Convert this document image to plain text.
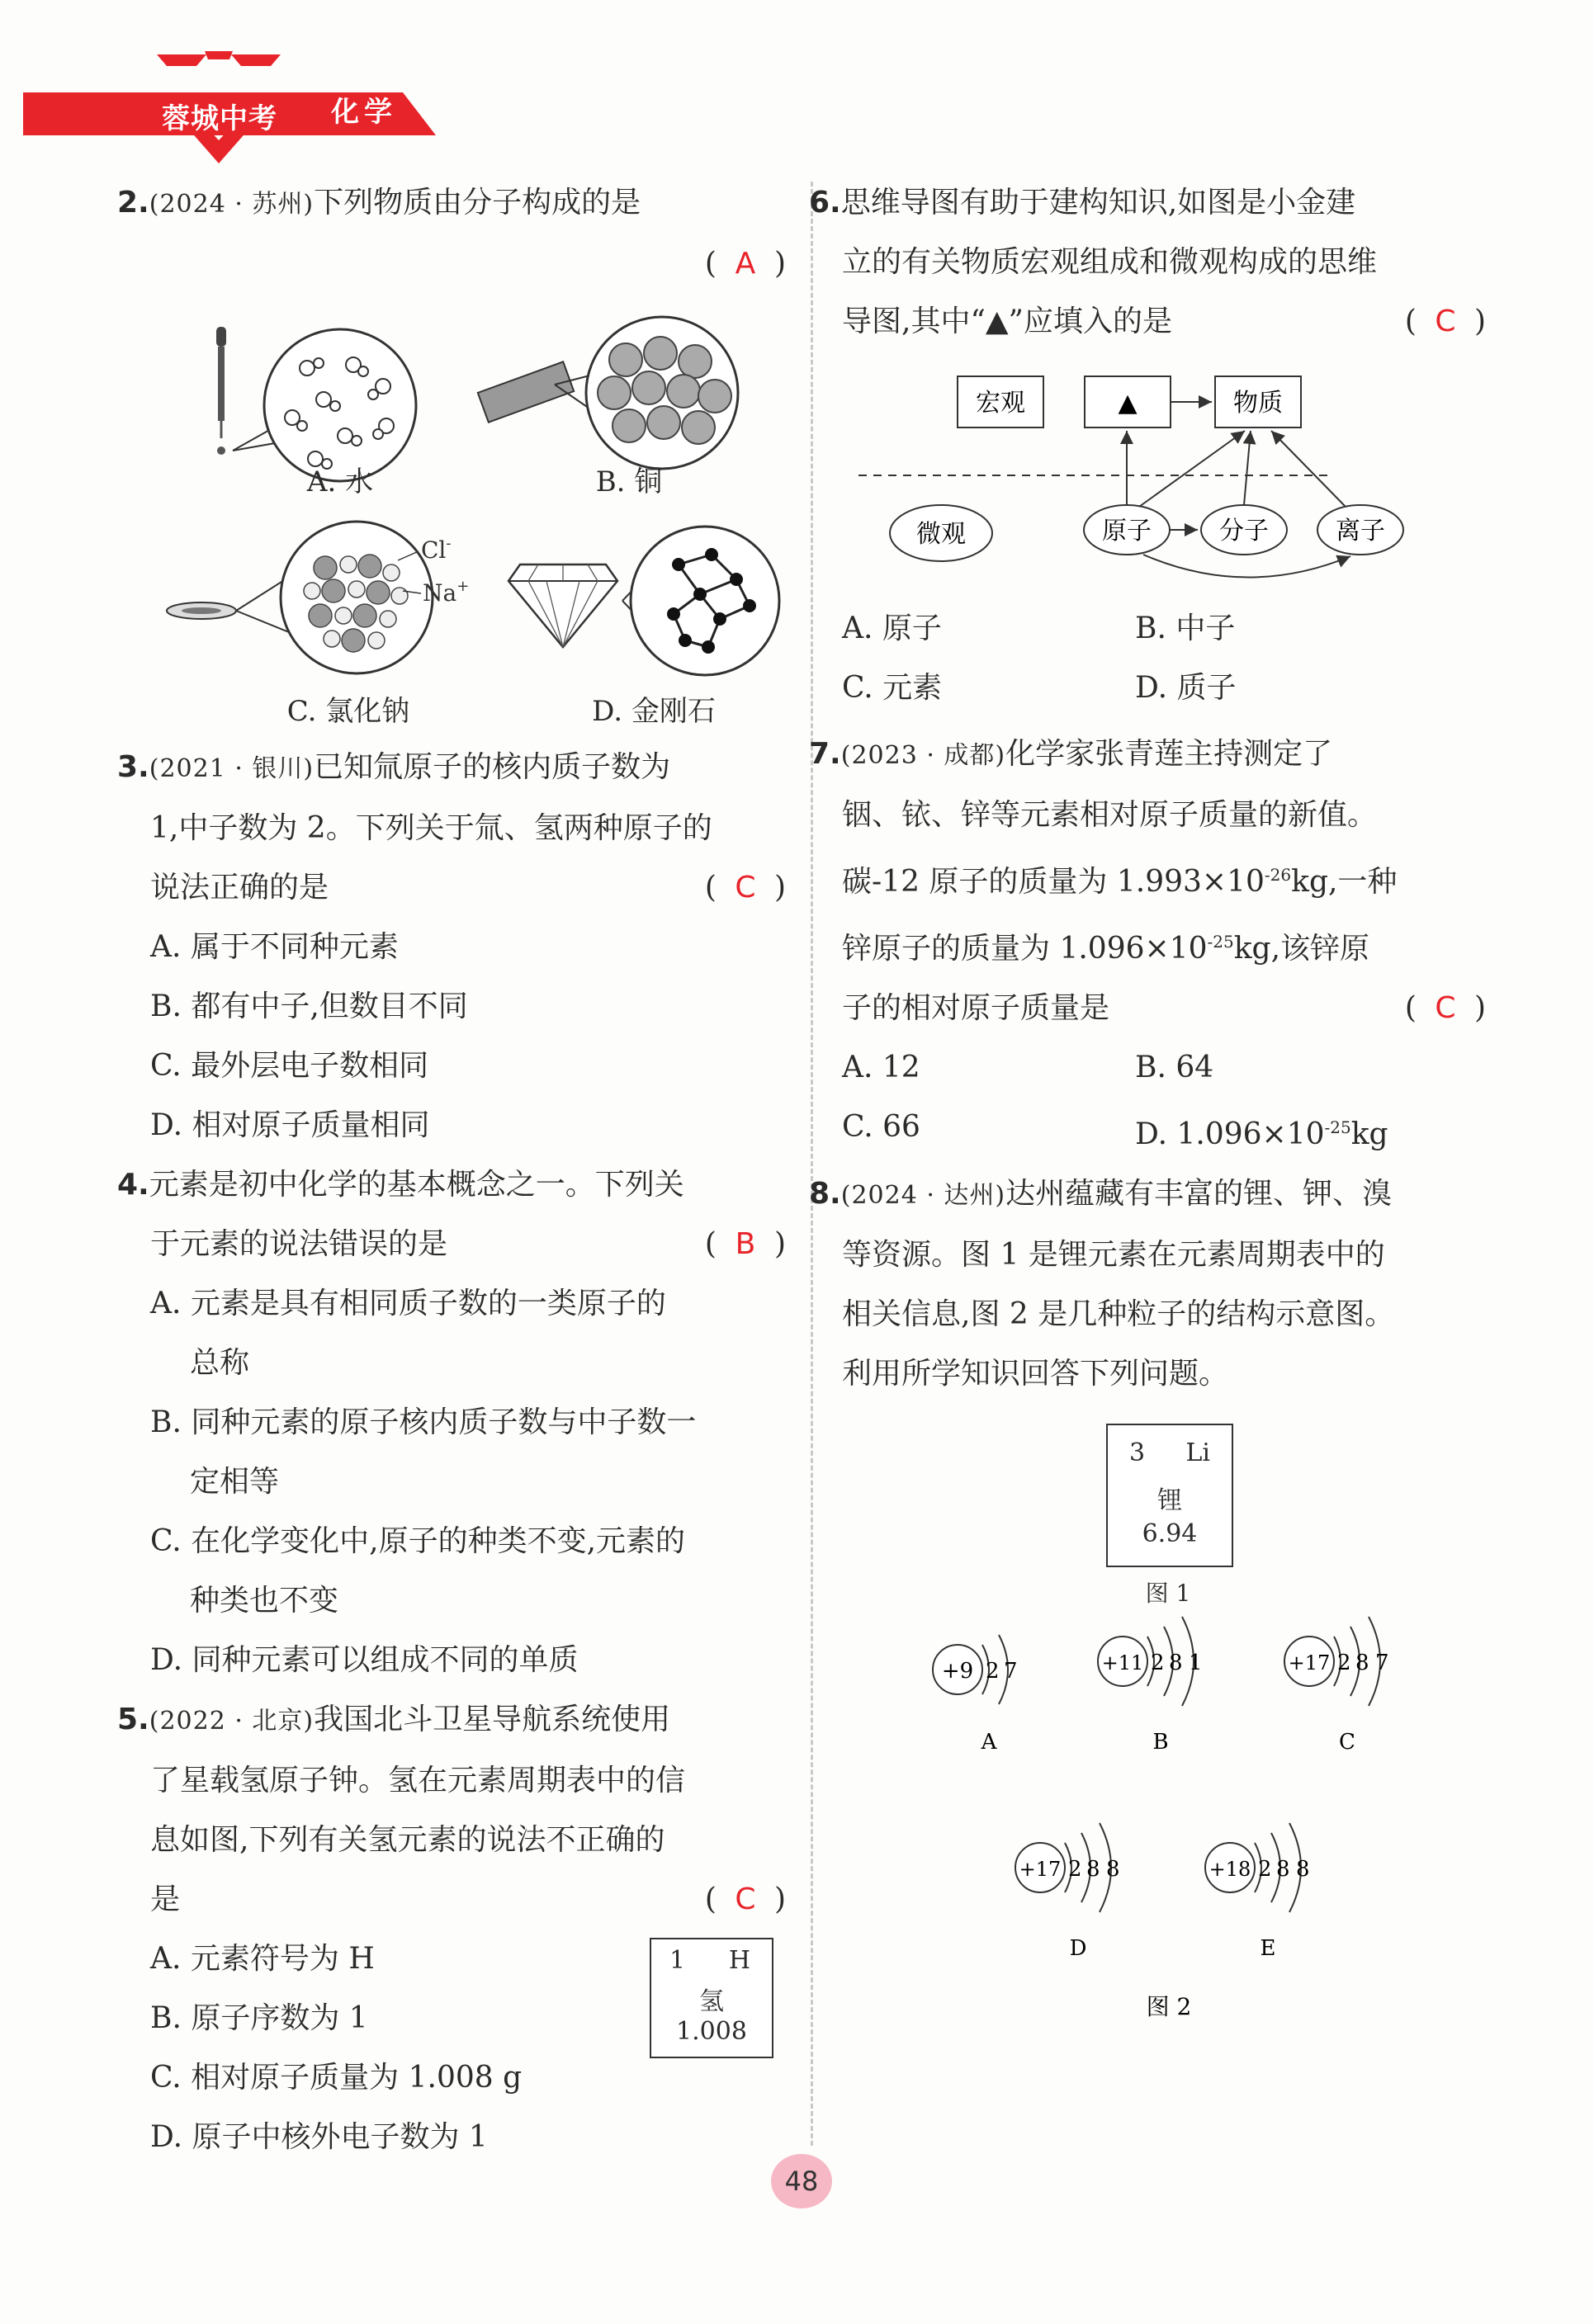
蓉城中考	化学
2.(2024 · 苏州)下列物质由分子构成的是
( A )
A. 水	B. 铜
Cl-
Na+
C. 氯化钠	D. 金刚石
3.(2021 · 银川)已知氚原子的核内质子数为
1,中子数为 2。下列关于氚、氢两种原子的
说法正确的是	( C )
A. 属于不同种元素
B. 都有中子,但数目不同
C. 最外层电子数相同
D. 相对原子质量相同
4.元素是初中化学的基本概念之一。下列关
于元素的说法错误的是	( B )
A. 元素是具有相同质子数的一类原子的
总称
B. 同种元素的原子核内质子数与中子数一
定相等
C. 在化学变化中,原子的种类不变,元素的
种类也不变
D. 同种元素可以组成不同的单质
5.(2022 · 北京)我国北斗卫星导航系统使用
了星载氢原子钟。氢在元素周期表中的信
息如图,下列有关氢元素的说法不正确的
是	( C )
A. 元素符号为 H
B. 原子序数为 1
C. 相对原子质量为 1.008 g
D. 原子中核外电子数为 1
1 H
氢
1.008
6.思维导图有助于建构知识,如图是小金建
立的有关物质宏观组成和微观构成的思维
导图,其中“▲”应填入的是	( C )
宏观	▲	物质
微观	原子	分子	离子
A. 原子	B. 中子
C. 元素	D. 质子
7.(2023 · 成都)化学家张青莲主持测定了
铟、铱、锌等元素相对原子质量的新值。
碳-12 原子的质量为 $1.993\times 10^{-26}kg$,一种
锌原子的质量为 $1.096\times 10^{-25}kg$,该锌原
子的相对原子质量是	( C )
A. 12	B. 64
C. 66	D. $1.096\times 10^{-25}kg$
8.(2024 · 达州)达州蕴藏有丰富的锂、钾、溴
等资源。图 1 是锂元素在元素周期表中的
相关信息,图 2 是几种粒子的结构示意图。
利用所学知识回答下列问题。
3 Li
锂
6.94
图 1
+9 2 7
A
+11 2 8 1
B
+17 2 8 7
C
+17 2 8 8
D
+18 2 8 8
E
图 2
48
